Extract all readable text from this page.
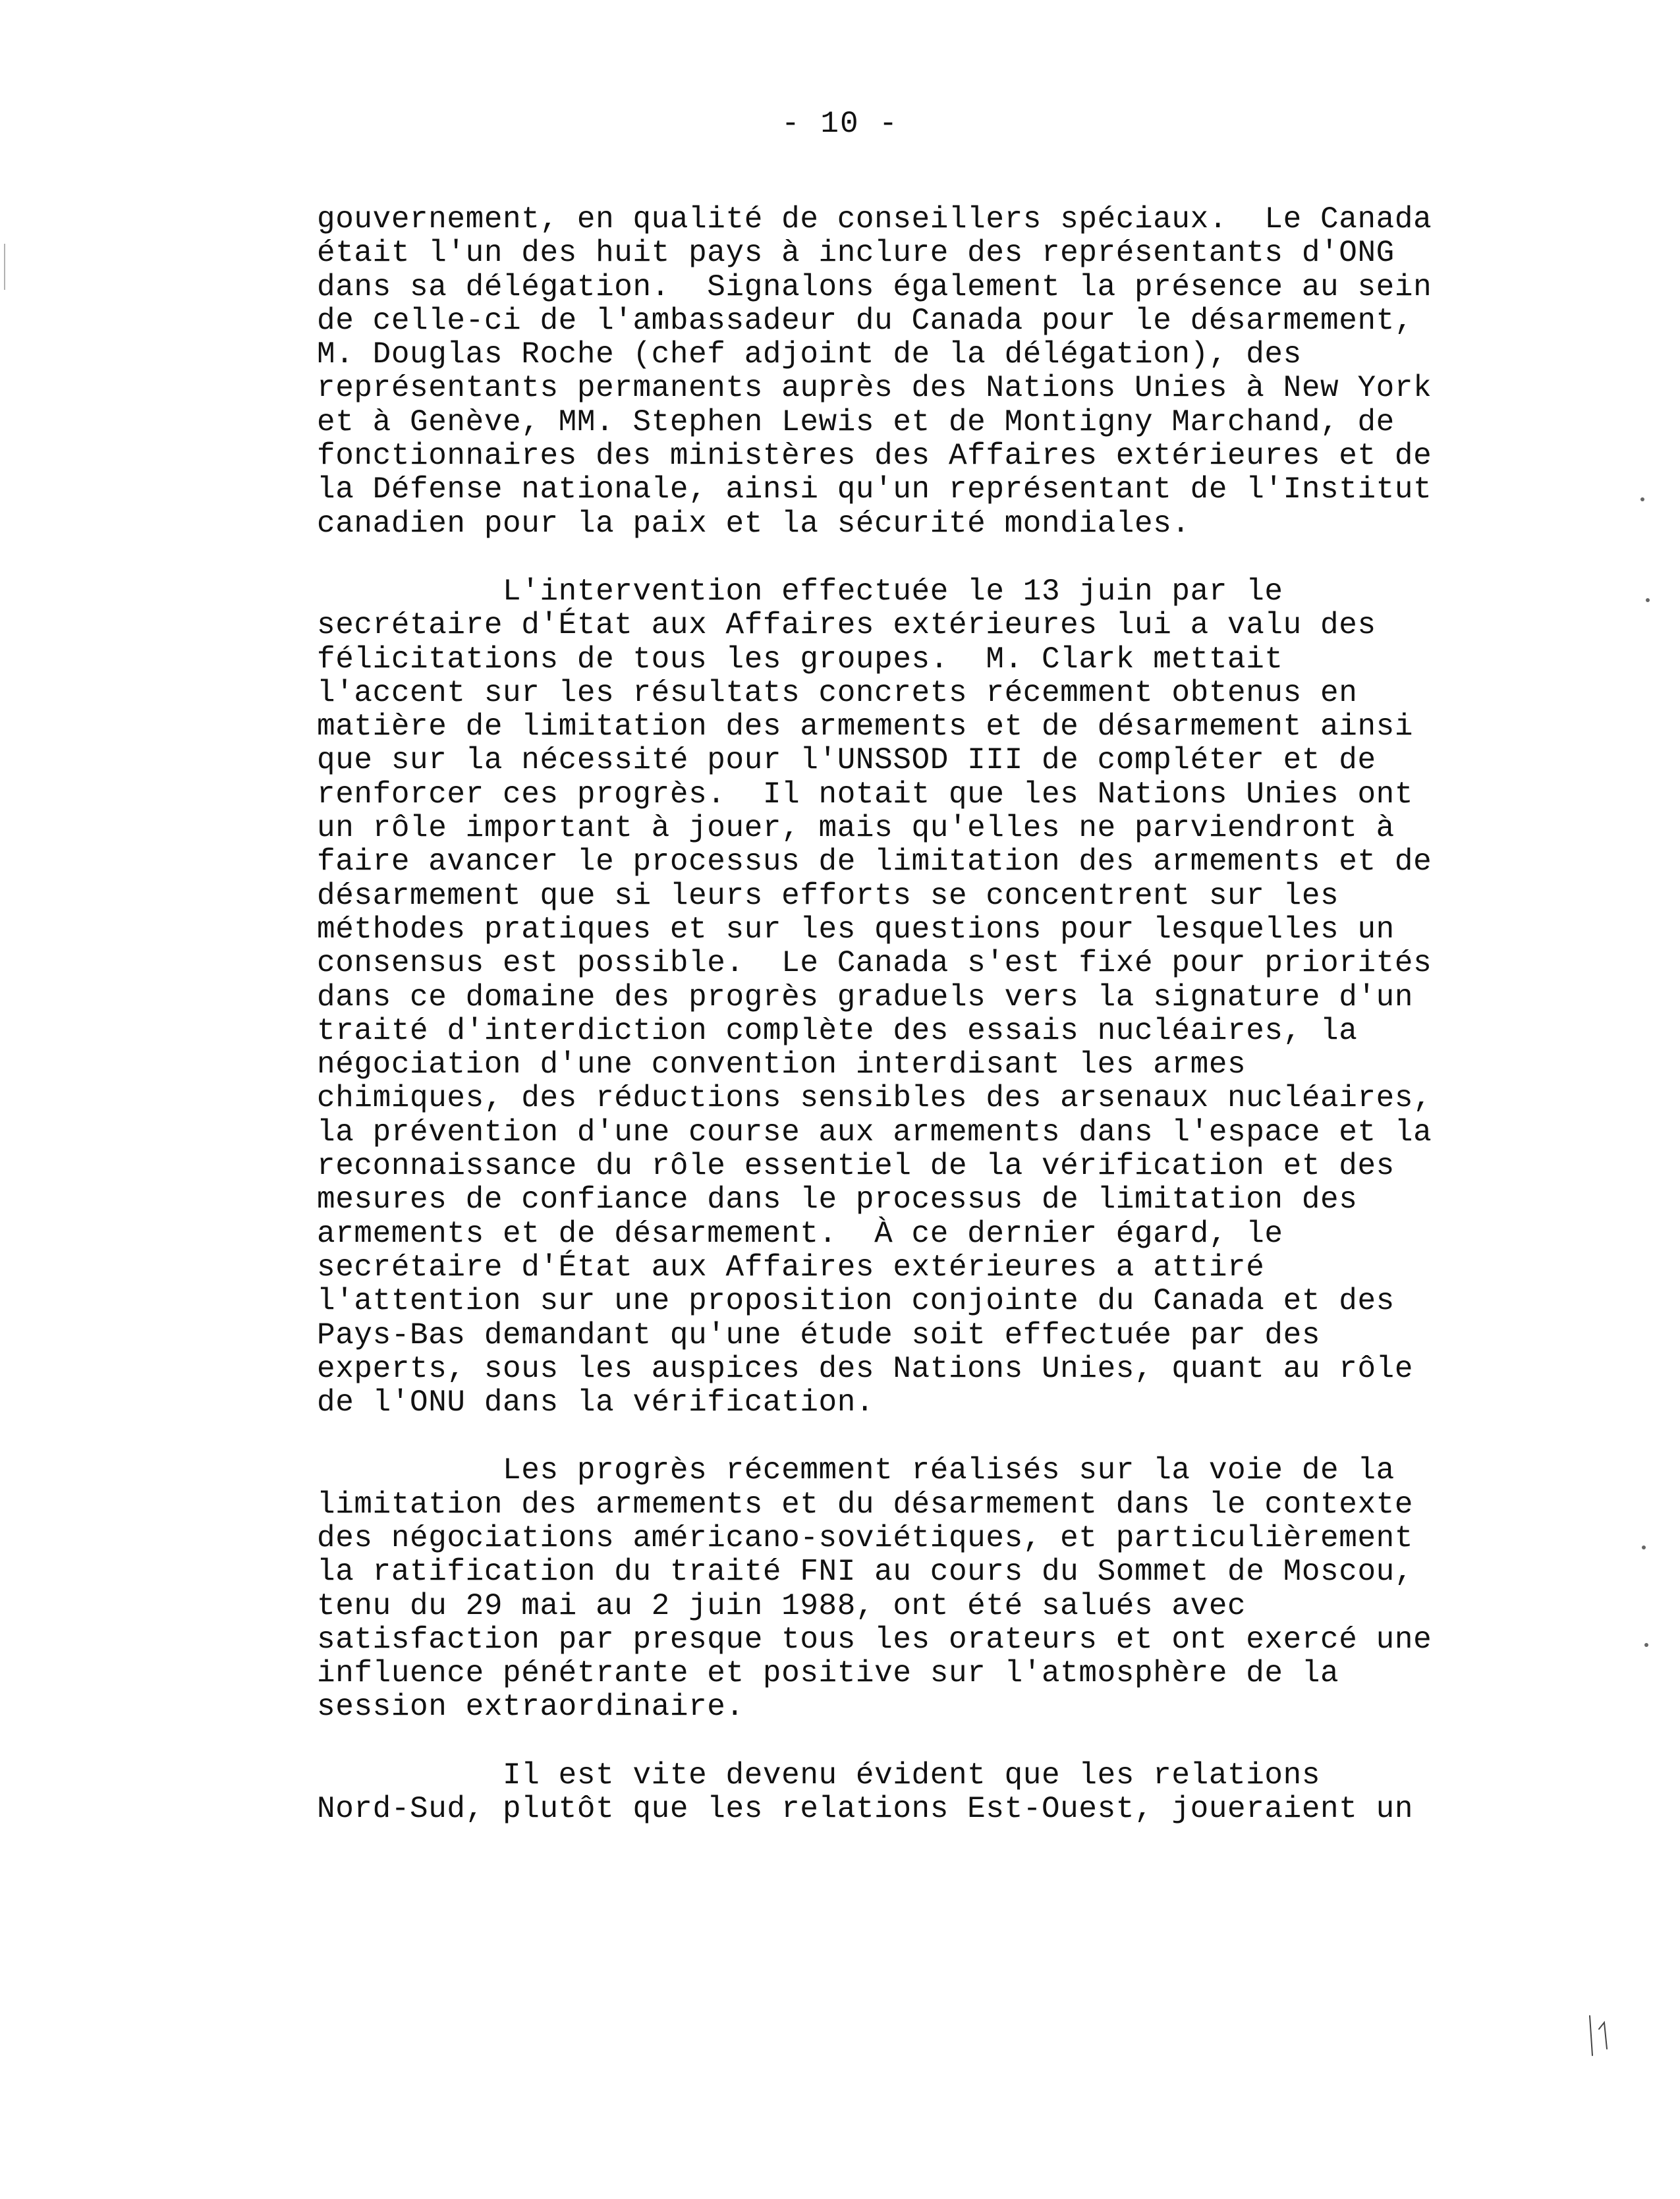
- 10 -
gouvernement, en qualité de conseillers spéciaux.  Le Canada
était l'un des huit pays à inclure des représentants d'ONG
dans sa délégation.  Signalons également la présence au sein
de celle-ci de l'ambassadeur du Canada pour le désarmement,
M. Douglas Roche (chef adjoint de la délégation), des
représentants permanents auprès des Nations Unies à New York
et à Genève, MM. Stephen Lewis et de Montigny Marchand, de
fonctionnaires des ministères des Affaires extérieures et de
la Défense nationale, ainsi qu'un représentant de l'Institut
canadien pour la paix et la sécurité mondiales.
L'intervention effectuée le 13 juin par le
secrétaire d'État aux Affaires extérieures lui a valu des
félicitations de tous les groupes.  M. Clark mettait
l'accent sur les résultats concrets récemment obtenus en
matière de limitation des armements et de désarmement ainsi
que sur la nécessité pour l'UNSSOD III de compléter et de
renforcer ces progrès.  Il notait que les Nations Unies ont
un rôle important à jouer, mais qu'elles ne parviendront à
faire avancer le processus de limitation des armements et de
désarmement que si leurs efforts se concentrent sur les
méthodes pratiques et sur les questions pour lesquelles un
consensus est possible.  Le Canada s'est fixé pour priorités
dans ce domaine des progrès graduels vers la signature d'un
traité d'interdiction complète des essais nucléaires, la
négociation d'une convention interdisant les armes
chimiques, des réductions sensibles des arsenaux nucléaires,
la prévention d'une course aux armements dans l'espace et la
reconnaissance du rôle essentiel de la vérification et des
mesures de confiance dans le processus de limitation des
armements et de désarmement.  À ce dernier égard, le
secrétaire d'État aux Affaires extérieures a attiré
l'attention sur une proposition conjointe du Canada et des
Pays-Bas demandant qu'une étude soit effectuée par des
experts, sous les auspices des Nations Unies, quant au rôle
de l'ONU dans la vérification.
Les progrès récemment réalisés sur la voie de la
limitation des armements et du désarmement dans le contexte
des négociations américano-soviétiques, et particulièrement
la ratification du traité FNI au cours du Sommet de Moscou,
tenu du 29 mai au 2 juin 1988, ont été salués avec
satisfaction par presque tous les orateurs et ont exercé une
influence pénétrante et positive sur l'atmosphère de la
session extraordinaire.
Il est vite devenu évident que les relations
Nord-Sud, plutôt que les relations Est-Ouest, joueraient un
